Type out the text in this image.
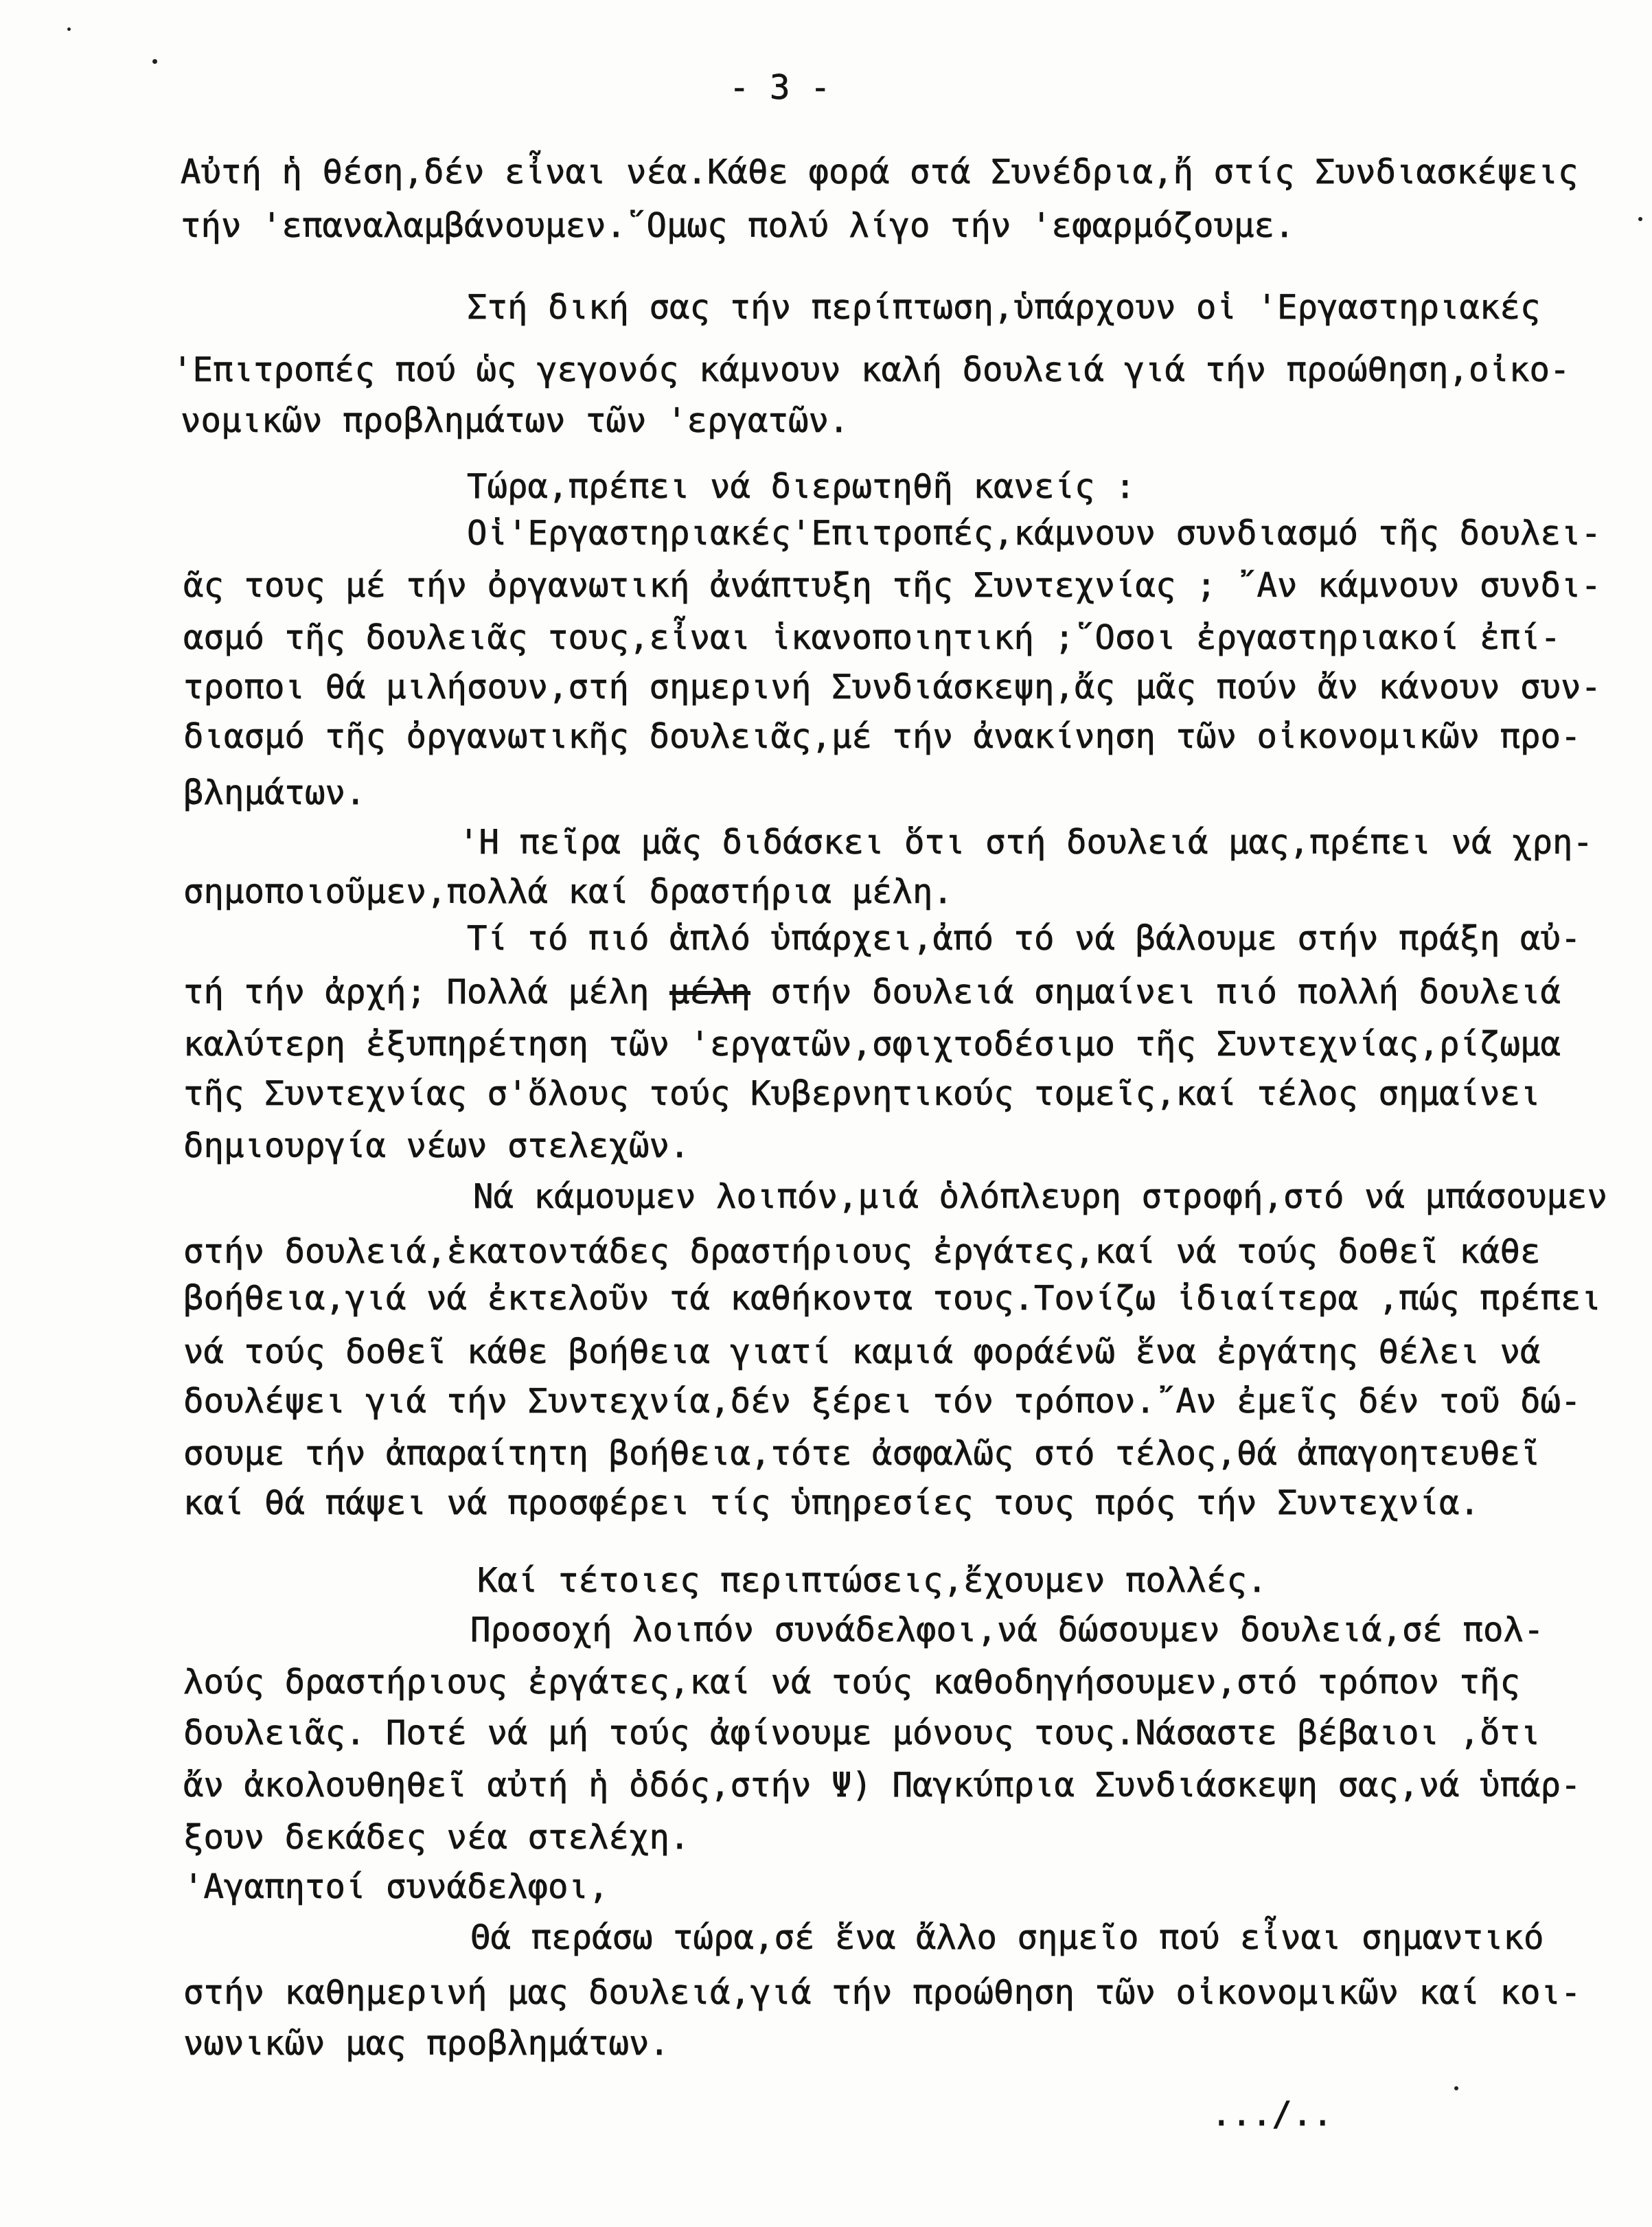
- 3 -
Αὐτή ἡ θέση,δέν εἶναι νέα.Κάθε φορά στά Συνέδρια,ἤ στίς Συνδιασκέψεις
τήν 'επαναλαμβάνουμεν.῞Ομως πολύ λίγο τήν 'εφαρμόζουμε.
Στή δική σας τήν περίπτωση,ὑπάρχουν οἱ 'Εργαστηριακές
'Επιτροπές πού ὡς γεγονός κάμνουν καλή δουλειά γιά τήν προώθηση,οἰκο-
νομικῶν προβλημάτων τῶν 'εργατῶν.
Τώρα,πρέπει νά διερωτηθῆ κανείς :
Οἱ'Εργαστηριακές'Επιτροπές,κάμνουν συνδιασμό τῆς δουλει-
ᾶς τους μέ τήν ὀργανωτική ἀνάπτυξη τῆς Συντεχνίας ; ῎Αν κάμνουν συνδι-
ασμό τῆς δουλειᾶς τους,εἶναι ἱκανοποιητική ;῞Οσοι ἐργαστηριακοί ἐπί-
τροποι θά μιλήσουν,στή σημερινή Συνδιάσκεψη,ἄς μᾶς πούν ἄν κάνουν συν-
διασμό τῆς ὀργανωτικῆς δουλειᾶς,μέ τήν ἀνακίνηση τῶν οἰκονομικῶν προ-
βλημάτων.
'Η πεῖρα μᾶς διδάσκει ὅτι στή δουλειά μας,πρέπει νά χρη-
σημοποιοῦμεν,πολλά καί δραστήρια μέλη.
Τί τό πιό ἁπλό ὑπάρχει,ἀπό τό νά βάλουμε στήν πράξη αὐ-
τή τήν ἀρχή; Πολλά μέλη μέλη στήν δουλειά σημαίνει πιό πολλή δουλειά
καλύτερη ἐξυπηρέτηση τῶν 'εργατῶν,σφιχτοδέσιμο τῆς Συντεχνίας,ρίζωμα
τῆς Συντεχνίας σ'ὅλους τούς Κυβερνητικούς τομεῖς,καί τέλος σημαίνει
δημιουργία νέων στελεχῶν.
Νά κάμουμεν λοιπόν,μιά ὁλόπλευρη στροφή,στό νά μπάσουμεν
στήν δουλειά,ἑκατοντάδες δραστήριους ἐργάτες,καί νά τούς δοθεῖ κάθε
βοήθεια,γιά νά ἐκτελοῦν τά καθήκοντα τους.Τονίζω ἰδιαίτερα ,πώς πρέπει
νά τούς δοθεῖ κάθε βοήθεια γιατί καμιά φοράένῶ ἕνα ἐργάτης θέλει νά
δουλέψει γιά τήν Συντεχνία,δέν ξέρει τόν τρόπον.῎Αν ἐμεῖς δέν τοῦ δώ-
σουμε τήν ἀπαραίτητη βοήθεια,τότε ἀσφαλῶς στό τέλος,θά ἀπαγοητευθεῖ
καί θά πάψει νά προσφέρει τίς ὑπηρεσίες τους πρός τήν Συντεχνία.
Καί τέτοιες περιπτώσεις,ἔχουμεν πολλές.
Προσοχή λοιπόν συνάδελφοι,νά δώσουμεν δουλειά,σέ πολ-
λούς δραστήριους ἐργάτες,καί νά τούς καθοδηγήσουμεν,στό τρόπον τῆς
δουλειᾶς. Ποτέ νά μή τούς ἀφίνουμε μόνους τους.Νάσαστε βέβαιοι ,ὅτι
ἄν ἀκολουθηθεῖ αὐτή ἡ ὁδός,στήν Ψ) Παγκύπρια Συνδιάσκεψη σας,νά ὑπάρ-
ξουν δεκάδες νέα στελέχη.
'Αγαπητοί συνάδελφοι,
Θά περάσω τώρα,σέ ἕνα ἄλλο σημεῖο πού εἶναι σημαντικό
στήν καθημερινή μας δουλειά,γιά τήν προώθηση τῶν οἰκονομικῶν καί κοι-
νωνικῶν μας προβλημάτων.
.../..
